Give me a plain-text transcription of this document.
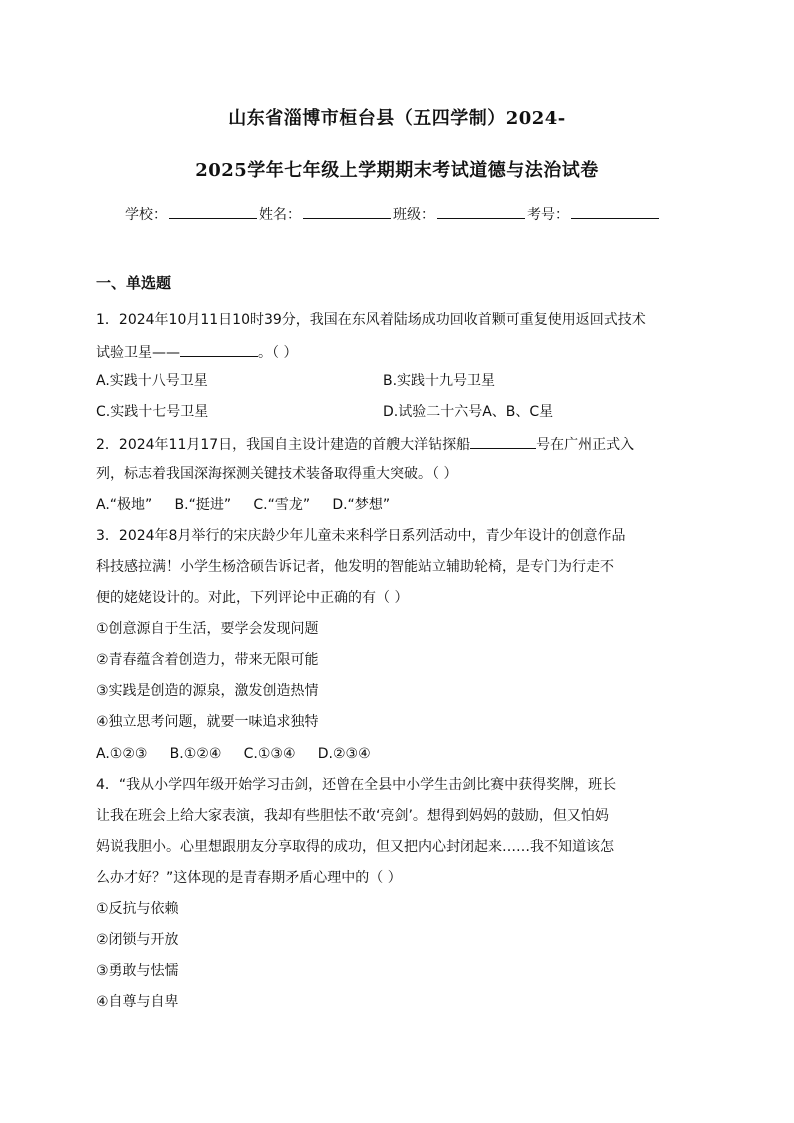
山东省淄博市桓台县（五四学制）2024-
2025学年七年级上学期期末考试道德与法治试卷
学校：	姓名：	班级：	考号：
一、单选题
1．2024年10月11日10时39分，我国在东风着陆场成功回收首颗可重复使用返回式技术
试验卫星——	。（ ）
A.实践十八号卫星	B.实践十九号卫星
C.实践十七号卫星	D.试验二十六号A、B、C星
2．2024年11月17日，我国自主设计建造的首艘大洋钻探船	号在广州正式入
列，标志着我国深海探测关键技术装备取得重大突破。（ ）
A.“极地”     B.“挺进”     C.“雪龙”     D.“梦想”
3．2024年8月举行的宋庆龄少年儿童未来科学日系列活动中，青少年设计的创意作品
科技感拉满！小学生杨浛硕告诉记者，他发明的智能站立辅助轮椅，是专门为行走不
便的姥姥设计的。对此，下列评论中正确的有（ ）
①创意源自于生活，要学会发现问题
②青春蕴含着创造力，带来无限可能
③实践是创造的源泉，激发创造热情
④独立思考问题，就要一味追求独特
A.①②③     B.①②④     C.①③④     D.②③④
4．“我从小学四年级开始学习击剑，还曾在全县中小学生击剑比赛中获得奖牌，班长
让我在班会上给大家表演，我却有些胆怯不敢‘亮剑’。想得到妈妈的鼓励，但又怕妈
妈说我胆小。心里想跟朋友分享取得的成功，但又把内心封闭起来……我不知道该怎
么办才好？”这体现的是青春期矛盾心理中的（ ）
①反抗与依赖
②闭锁与开放
③勇敢与怯懦
④自尊与自卑
